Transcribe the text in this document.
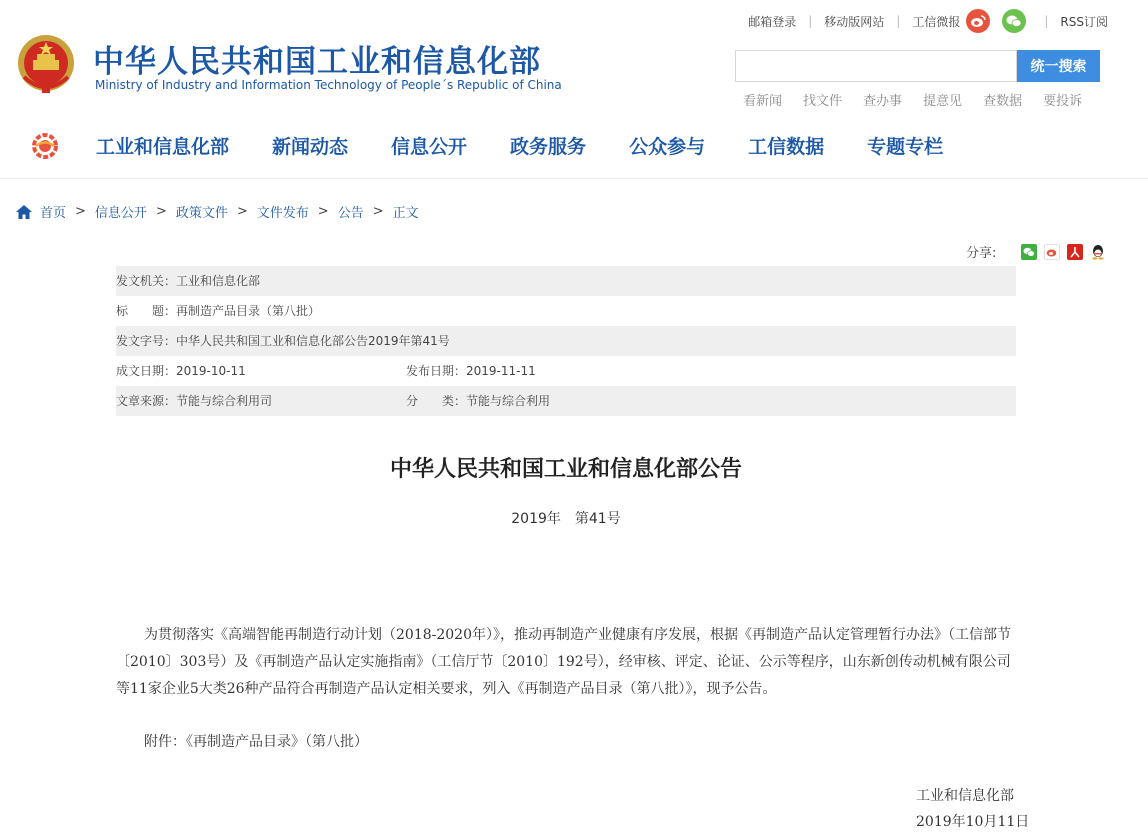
邮箱登录 | 移动版网站 | 工信微报	| RSS订阅
中华人民共和国工业和信息化部
Ministry of Industry and Information Technology of People´s Republic of China
统一搜索
看新闻 找文件 查办事 提意见 查数据 要投诉
工业和信息化部 新闻动态 信息公开 政务服务 公众参与 工信数据 专题专栏
首页 > 信息公开 > 政策文件 > 文件发布 > 公告 > 正文
分享:
发文机关：工业和信息化部
标　　题：再制造产品目录（第八批）
发文字号：中华人民共和国工业和信息化部公告2019年第41号
成文日期：2019-10-11	发布日期：2019-11-11
文章来源：节能与综合利用司	分　　类：节能与综合利用
中华人民共和国工业和信息化部公告
2019年　第41号
为贯彻落实《高端智能再制造行动计划（2018-2020年）》，推动再制造产业健康有序发展，根据《再制造产品认定管理暂行办法》（工信部节〔2010〕303号）及《再制造产品认定实施指南》（工信厅节〔2010〕192号），经审核、评定、论证、公示等程序，山东新创传动机械有限公司等11家企业5大类26种产品符合再制造产品认定相关要求，列入《再制造产品目录（第八批）》，现予公告。
附件：《再制造产品目录》（第八批）
工业和信息化部
2019年10月11日
